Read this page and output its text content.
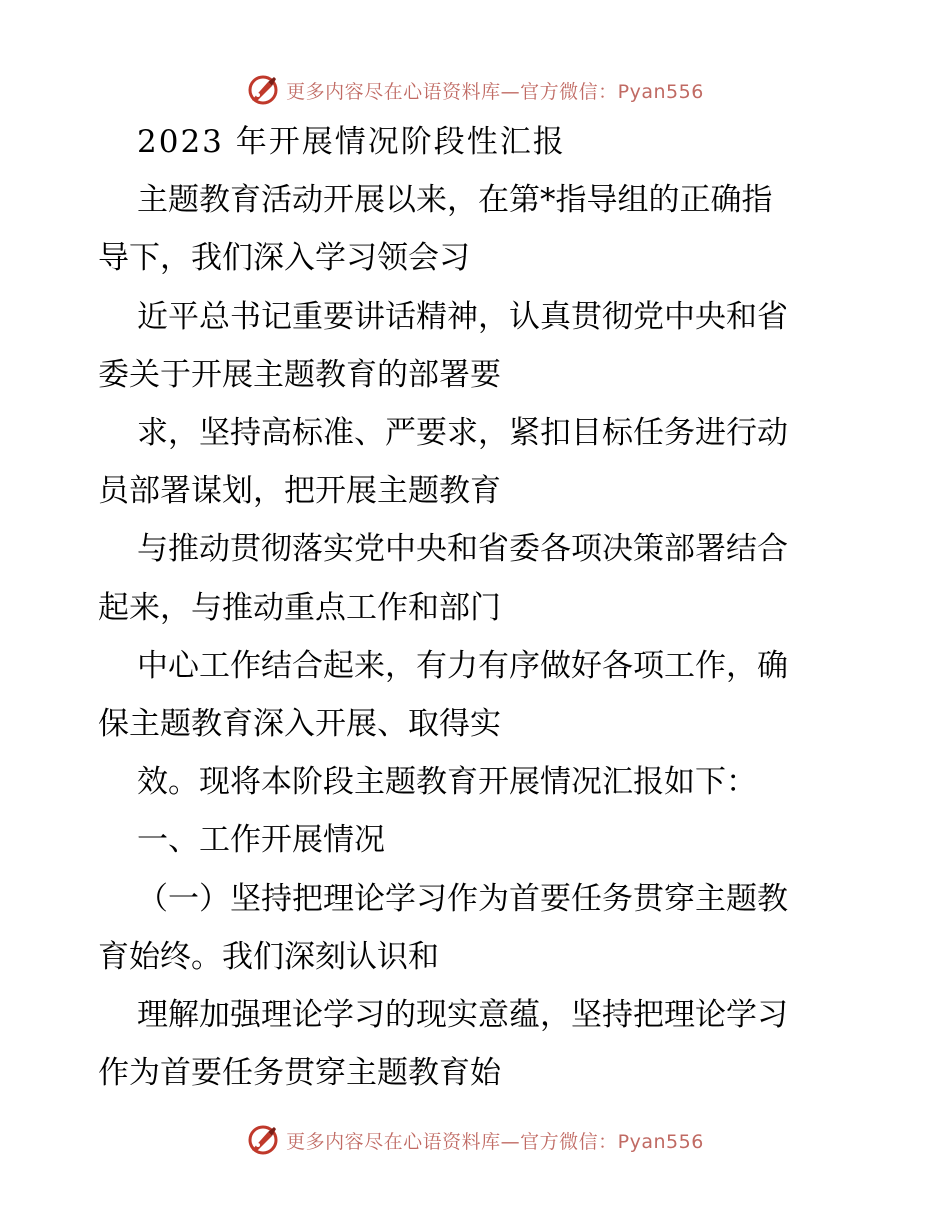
更多内容尽在心语资料库—官方微信：Pyan556
2023 年开展情况阶段性汇报
主题教育活动开展以来，在第*指导组的正确指
导下，我们深入学习领会习
近平总书记重要讲话精神，认真贯彻党中央和省
委关于开展主题教育的部署要
求，坚持高标准、严要求，紧扣目标任务进行动
员部署谋划，把开展主题教育
与推动贯彻落实党中央和省委各项决策部署结合
起来，与推动重点工作和部门
中心工作结合起来，有力有序做好各项工作，确
保主题教育深入开展、取得实
效。现将本阶段主题教育开展情况汇报如下：
一、工作开展情况
（一）坚持把理论学习作为首要任务贯穿主题教
育始终。我们深刻认识和
理解加强理论学习的现实意蕴，坚持把理论学习
作为首要任务贯穿主题教育始
更多内容尽在心语资料库—官方微信：Pyan556
